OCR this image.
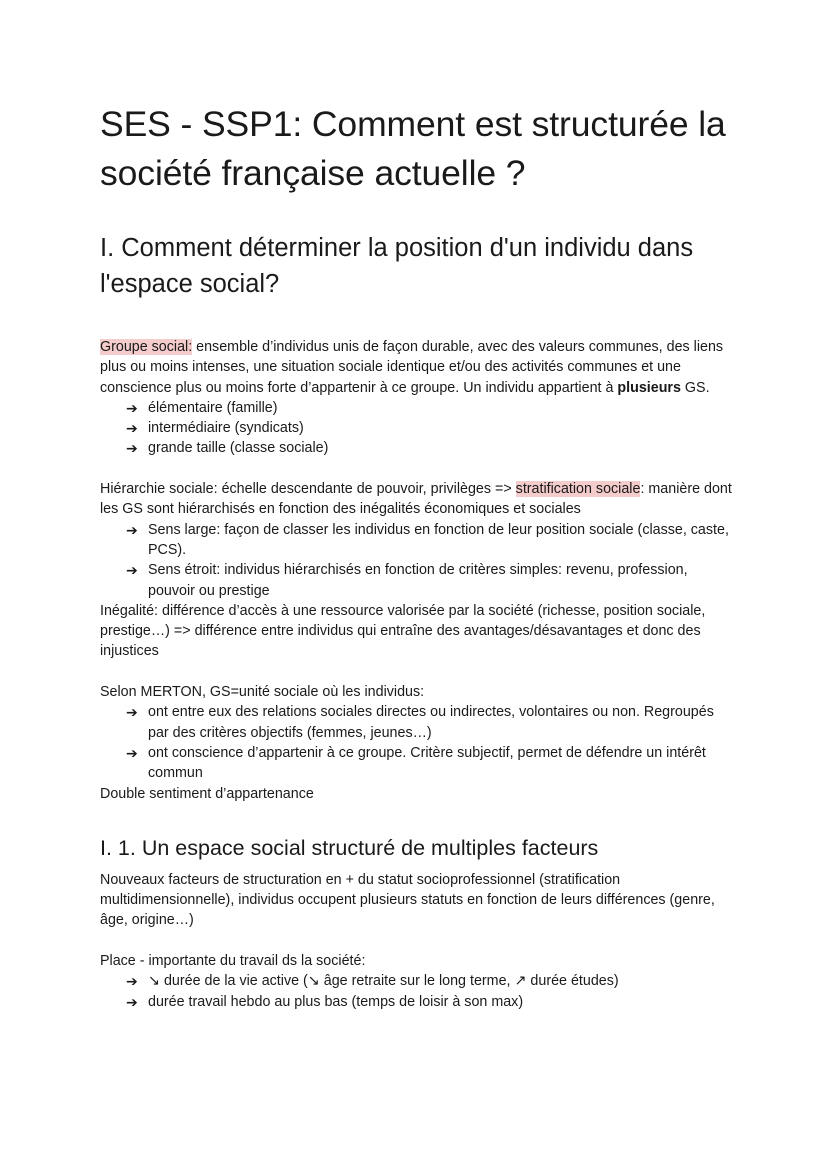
SES - SSP1: Comment est structurée la société française actuelle ?
I. Comment déterminer la position d'un individu dans l'espace social?

Groupe social: ensemble d’individus unis de façon durable, avec des valeurs communes, des liens plus ou moins intenses, une situation sociale identique et/ou des activités communes et une conscience plus ou moins forte d’appartenir à ce groupe. Un individu appartient à plusieurs GS.

➔ élémentaire (famille)
➔ intermédiaire (syndicats)
➔ grande taille (classe sociale)

Hiérarchie sociale: échelle descendante de pouvoir, privilèges => stratification sociale: manière dont les GS sont hiérarchisés en fonction des inégalités économiques et sociales

➔ Sens large: façon de classer les individus en fonction de leur position sociale (classe, caste, PCS).
➔ Sens étroit: individus hiérarchisés en fonction de critères simples: revenu, profession, pouvoir ou prestige

Inégalité: différence d’accès à une ressource valorisée par la société (richesse, position sociale, prestige…) => différence entre individus qui entraîne des avantages/désavantages et donc des injustices

Selon MERTON, GS=unité sociale où les individus:

➔ ont entre eux des relations sociales directes ou indirectes, volontaires ou non. Regroupés par des critères objectifs (femmes, jeunes…)
➔ ont conscience d’appartenir à ce groupe. Critère subjectif, permet de défendre un intérêt commun

Double sentiment d’appartenance

I. 1. Un espace social structuré de multiples facteurs

Nouveaux facteurs de structuration en + du statut socioprofessionnel (stratification multidimensionnelle), individus occupent plusieurs statuts en fonction de leurs différences (genre, âge, origine…)

Place - importante du travail ds la société:

➔ ↘ durée de la vie active (↘ âge retraite sur le long terme, ↗ durée études)
➔ durée travail hebdo au plus bas (temps de loisir à son max)
